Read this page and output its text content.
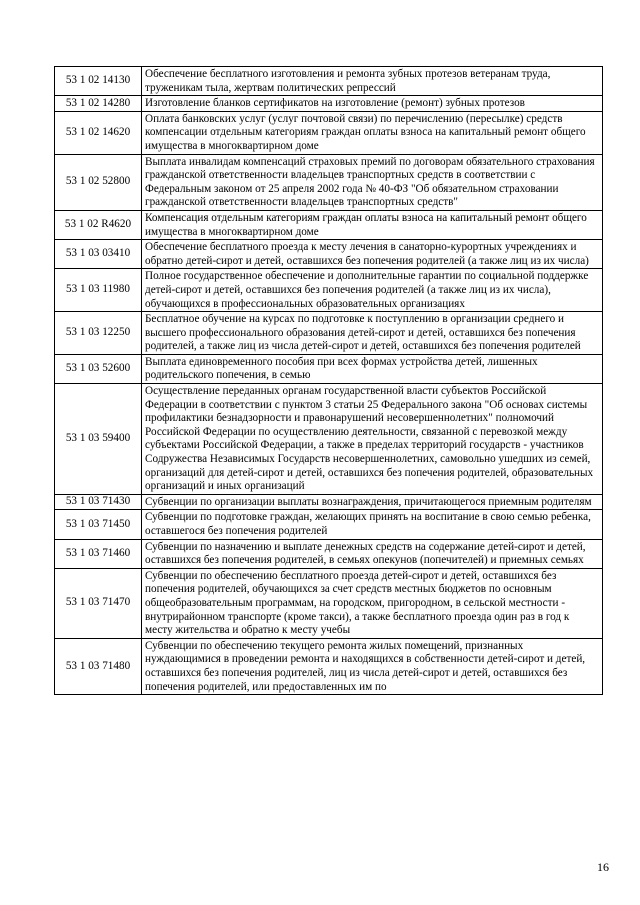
53 1 02 14130	Обеспечение бесплатного изготовления и ремонта зубных протезов ветеранам труда, труженикам тыла, жертвам политических репрессий
53 1 02 14280	Изготовление бланков сертификатов на изготовление (ремонт) зубных протезов
53 1 02 14620	Оплата банковских услуг (услуг почтовой связи) по перечислению (пересылке) средств компенсации отдельным категориям граждан оплаты взноса на капитальный ремонт общего имущества в многоквартирном доме
53 1 02 52800	Выплата инвалидам компенсаций страховых премий по договорам обязательного страхования гражданской ответственности владельцев транспортных средств в соответствии с Федеральным законом от 25 апреля 2002 года № 40-ФЗ "Об обязательном страховании гражданской ответственности владельцев транспортных средств"
53 1 02 R4620	Компенсация отдельным категориям граждан оплаты взноса на капитальный ремонт общего имущества в многоквартирном доме
53 1 03 03410	Обеспечение бесплатного проезда к месту лечения в санаторно-курортных учреждениях и обратно детей-сирот и детей, оставшихся без попечения родителей (а также лиц из их числа)
53 1 03 11980	Полное государственное обеспечение и дополнительные гарантии по социальной поддержке детей-сирот и детей, оставшихся без попечения родителей (а также лиц из их числа), обучающихся в профессиональных образовательных организациях
53 1 03 12250	Бесплатное обучение на курсах по подготовке к поступлению в организации среднего и высшего профессионального образования детей-сирот и детей, оставшихся без попечения родителей, а также лиц из числа детей-сирот и детей, оставшихся без попечения родителей
53 1 03 52600	Выплата единовременного пособия при всех формах устройства детей, лишенных родительского попечения, в семью
53 1 03 59400	Осуществление переданных органам государственной власти субъектов Российской Федерации в соответствии с пунктом 3 статьи 25 Федерального закона "Об основах системы профилактики безнадзорности и правонарушений несовершеннолетних" полномочий Российской Федерации по осуществлению деятельности, связанной с перевозкой между субъектами Российской Федерации, а также в пределах территорий государств - участников Содружества Независимых Государств несовершеннолетних, самовольно ушедших из семей, организаций для детей-сирот и детей, оставшихся без попечения родителей, образовательных организаций и иных организаций
53 1 03 71430	Субвенции по организации выплаты вознаграждения, причитающегося приемным родителям
53 1 03 71450	Субвенции по подготовке граждан, желающих принять на воспитание в свою семью ребенка, оставшегося без попечения родителей
53 1 03 71460	Субвенции по назначению и выплате денежных средств на содержание детей-сирот и детей, оставшихся без попечения родителей, в семьях опекунов (попечителей) и приемных семьях
53 1 03 71470	Субвенции по обеспечению бесплатного проезда детей-сирот и детей, оставшихся без попечения родителей, обучающихся за счет средств местных бюджетов по основным общеобразовательным программам, на городском, пригородном, в сельской местности - внутрирайонном транспорте (кроме такси), а также бесплатного проезда один раз в год к месту жительства и обратно к месту учебы
53 1 03 71480	Субвенции по обеспечению текущего ремонта жилых помещений, признанных нуждающимися в проведении ремонта и находящихся в собственности детей-сирот и детей, оставшихся без попечения родителей, лиц из числа детей-сирот и детей, оставшихся без попечения родителей, или предоставленных им по
16
